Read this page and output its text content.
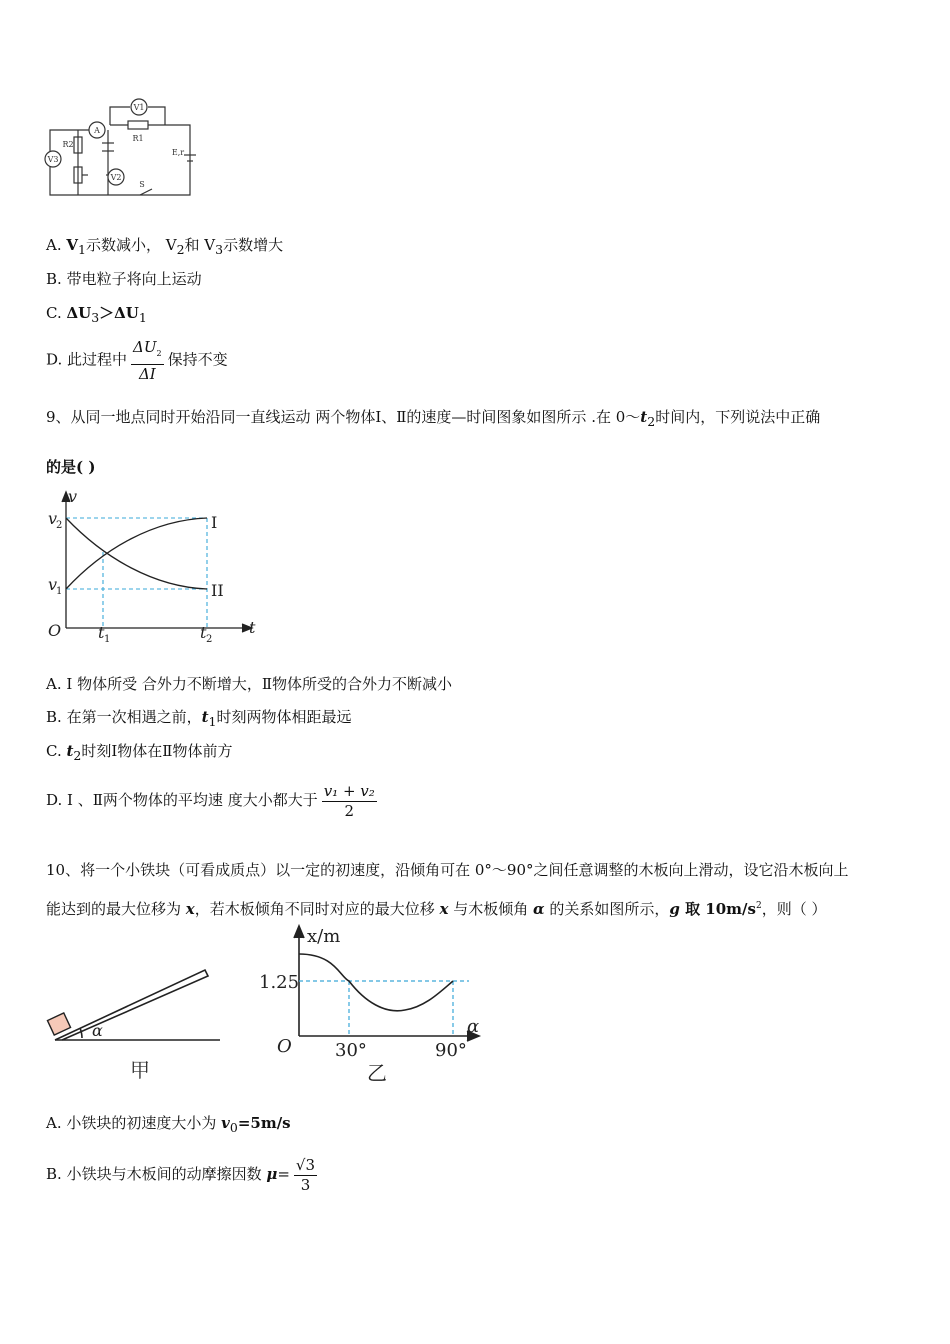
V1
A
R1
R2
E,r
V3
V2
S
A. $V_1$示数减小， $V_2$和 $V_3$示数增大
B. 带电粒子将向上运动
C. $\Delta U_3>\Delta U_1$
D. 此过程中 $\frac{\Delta U_2}{\Delta I}$ 保持不变
9、从同一地点同时开始沿同一直线运动 两个物体Ⅰ、Ⅱ的速度—时间图象如图所示 .在 $0\sim t_2$时间内，下列说法中正确
的是( )
v
t
O
v
2
v
1
t 1	t 2
I
II
A. Ⅰ 物体所受 合外力不断增大，Ⅱ物体所受的合外力不断减小
B. 在第一次相遇之前，$t_1$时刻两物体相距最远
C. $t_2$时刻Ⅰ物体在Ⅱ物体前方
D. Ⅰ 、Ⅱ两个物体的平均速 度大小都大于 $\frac{\text{v₁ + v₂}}{2}$
10、将一个小铁块（可看成质点）以一定的初速度，沿倾角可在 0°～90°之间任意调整的木板向上滑动，设它沿木板向上
能达到的最大位移为 x，若木板倾角不同时对应的最大位移 x 与木板倾角 α 的关系如图所示，g 取 $10m/s^2$，则（ ）
α
甲
x/m
α
O
1.25
30°	90°
乙
A. 小铁块的初速度大小为 $v_0=5m/s$
B. 小铁块与木板间的动摩擦因数 $\mu= \frac{√3}{3}$
